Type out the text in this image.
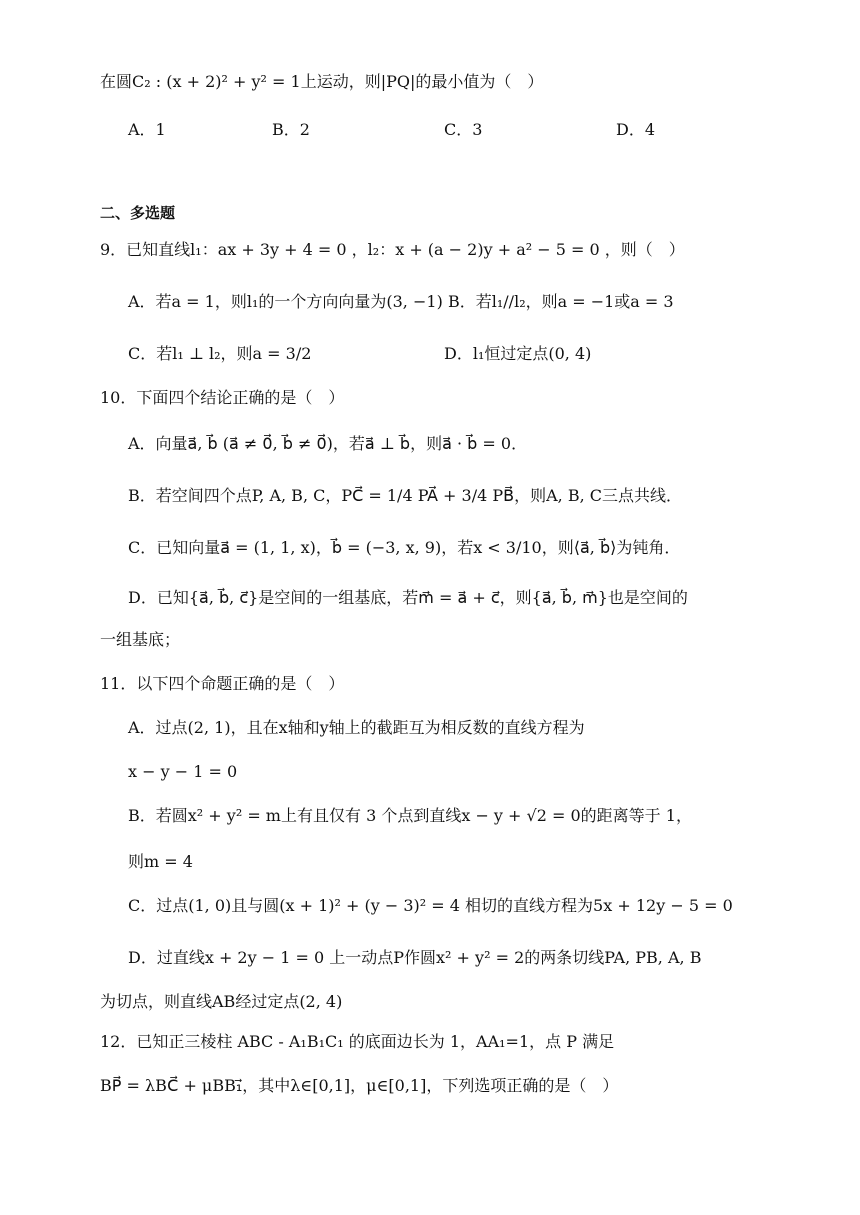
在圆C₂ : (x + 2)² + y² = 1上运动，则|PQ|的最小值为（　）
A．1	B．2	C．3	D．4
二、多选题
9．已知直线l₁：ax + 3y + 4 = 0 ，l₂：x + (a − 2)y + a² − 5 = 0 ，则（　）
A．若a = 1，则l₁的一个方向向量为(3, −1) B．若l₁//l₂，则a = −1或a = 3
C．若l₁ ⊥ l₂，则a = 3/2	D．l₁恒过定点(0, 4)
10．下面四个结论正确的是（　）
A．向量a⃗, b⃗ (a⃗ ≠ 0⃗, b⃗ ≠ 0⃗)，若a⃗ ⊥ b⃗，则a⃗ · b⃗ = 0．
B．若空间四个点P, A, B, C，PC⃗ = 1/4 PA⃗ + 3/4 PB⃗，则A, B, C三点共线．
C．已知向量a⃗ = (1, 1, x)，b⃗ = (−3, x, 9)，若x < 3/10，则⟨a⃗, b⃗⟩为钝角．
D．已知{a⃗, b⃗, c⃗}是空间的一组基底，若m⃗ = a⃗ + c⃗，则{a⃗, b⃗, m⃗}也是空间的
一组基底；
11．以下四个命题正确的是（　）
A．过点(2, 1)，且在x轴和y轴上的截距互为相反数的直线方程为
x − y − 1 = 0
B．若圆x² + y² = m上有且仅有 3 个点到直线x − y + √2 = 0的距离等于 1，
则m = 4
C．过点(1, 0)且与圆(x + 1)² + (y − 3)² = 4 相切的直线方程为5x + 12y − 5 = 0
D．过直线x + 2y − 1 = 0 上一动点P作圆x² + y² = 2的两条切线PA, PB, A, B
为切点，则直线AB经过定点(2, 4)
12．已知正三棱柱 ABC - A₁B₁C₁ 的底面边长为 1，AA₁=1，点 P 满足
BP⃗ = λBC⃗ + μBB₁⃗，其中λ∈[0,1]，μ∈[0,1]，下列选项正确的是（　）
